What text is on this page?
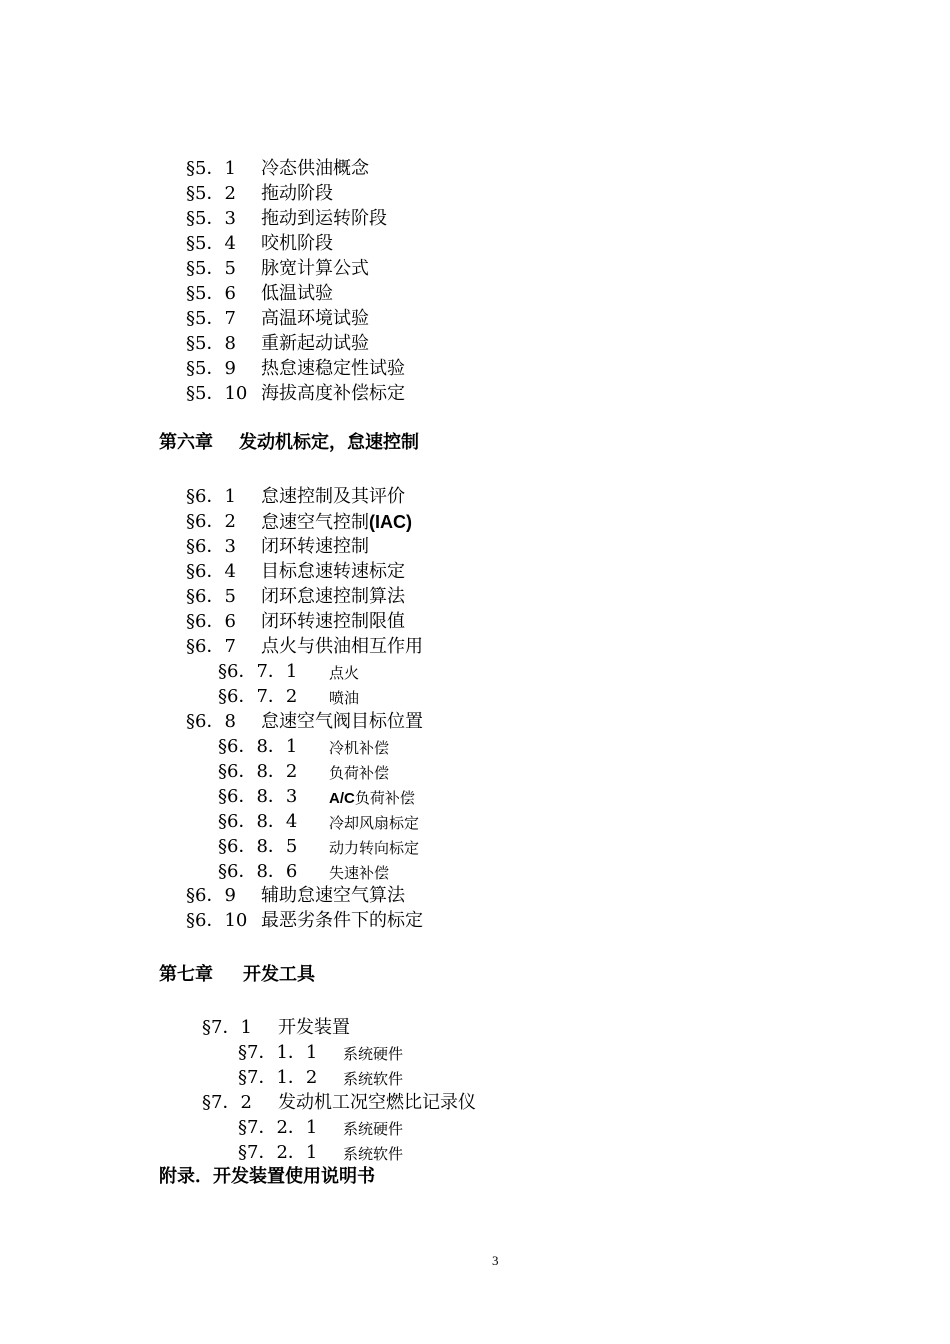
§5．1 冷态供油概念
§5．2 拖动阶段
§5．3 拖动到运转阶段
§5．4 咬机阶段
§5．5 脉宽计算公式
§5．6 低温试验
§5．7 高温环境试验
§5．8 重新起动试验
§5．9 热怠速稳定性试验
§5．10 海拔高度补偿标定
第六章 发动机标定，怠速控制
§6．1 怠速控制及其评价
§6．2 怠速空气控制(IAC)
§6．3 闭环转速控制
§6．4 目标怠速转速标定
§6．5 闭环怠速控制算法
§6．6 闭环转速控制限值
§6．7 点火与供油相互作用
§6．7．1 点火
§6．7．2 喷油
§6．8 怠速空气阀目标位置
§6．8．1 冷机补偿
§6．8．2 负荷补偿
§6．8．3 A/C负荷补偿
§6．8．4 冷却风扇标定
§6．8．5 动力转向标定
§6．8．6 失速补偿
§6．9 辅助怠速空气算法
§6．10 最恶劣条件下的标定
第七章 开发工具
§7．1 开发装置
§7．1．1 系统硬件
§7．1．2 系统软件
§7．2 发动机工况空燃比记录仪
§7．2．1 系统硬件
§7．2．1 系统软件
附录．开发装置使用说明书
3
